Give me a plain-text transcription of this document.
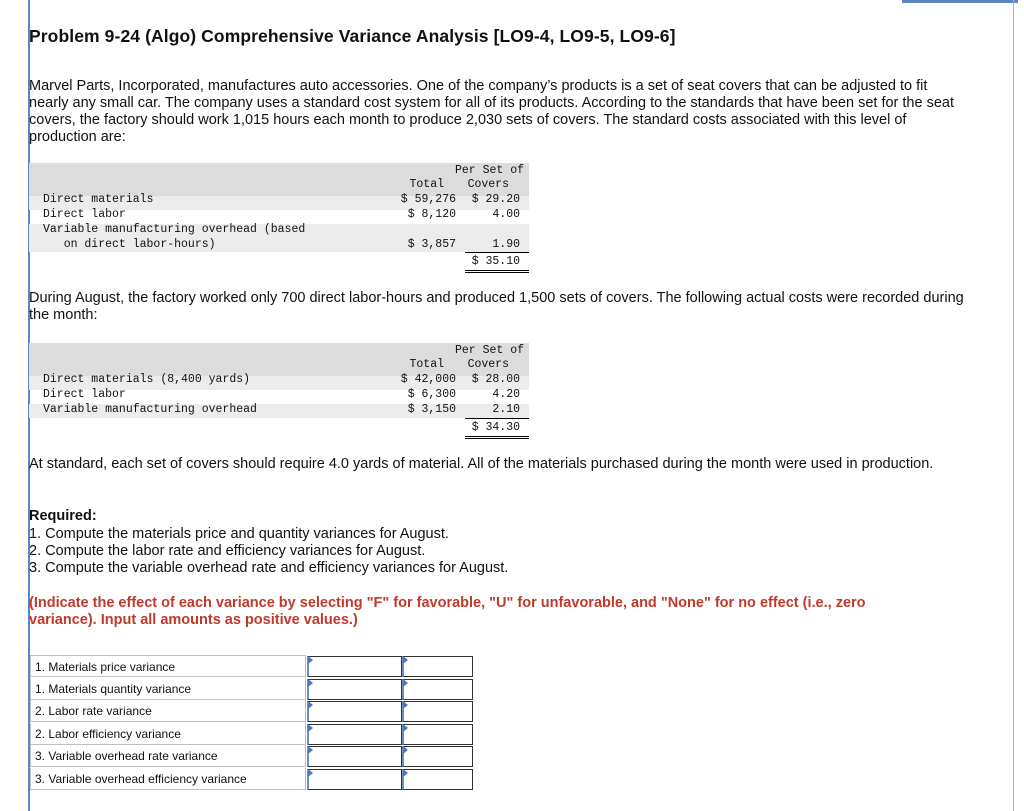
Problem 9-24 (Algo) Comprehensive Variance Analysis [LO9-4, LO9-5, LO9-6]

Marvel Parts, Incorporated, manufactures auto accessories. One of the company’s products is a set of seat covers that can be adjusted to fit nearly any small car. The company uses a standard cost system for all of its products. According to the standards that have been set for the seat covers, the factory should work 1,015 hours each month to produce 2,030 sets of covers. The standard costs associated with this level of production are:

Total
Per Set of
Covers
Direct materials	$ 59,276	$ 29.20
Direct labor	$ 8,120	4.00
Variable manufacturing overhead (based
on direct labor-hours)	$ 3,857	1.90
$ 35.10

During August, the factory worked only 700 direct labor-hours and produced 1,500 sets of covers. The following actual costs were recorded during the month:

Total
Per Set of
Covers
Direct materials (8,400 yards)	$ 42,000	$ 28.00
Direct labor	$ 6,300	4.20
Variable manufacturing overhead	$ 3,150	2.10
$ 34.30

At standard, each set of covers should require 4.0 yards of material. All of the materials purchased during the month were used in production.

Required:

1. Compute the materials price and quantity variances for August.
2. Compute the labor rate and efficiency variances for August.
3. Compute the variable overhead rate and efficiency variances for August.

(Indicate the effect of each variance by selecting "F" for favorable, "U" for unfavorable, and "None" for no effect (i.e., zero variance). Input all amounts as positive values.)

1. Materials price variance
1. Materials quantity variance
2. Labor rate variance
2. Labor efficiency variance
3. Variable overhead rate variance
3. Variable overhead efficiency variance
